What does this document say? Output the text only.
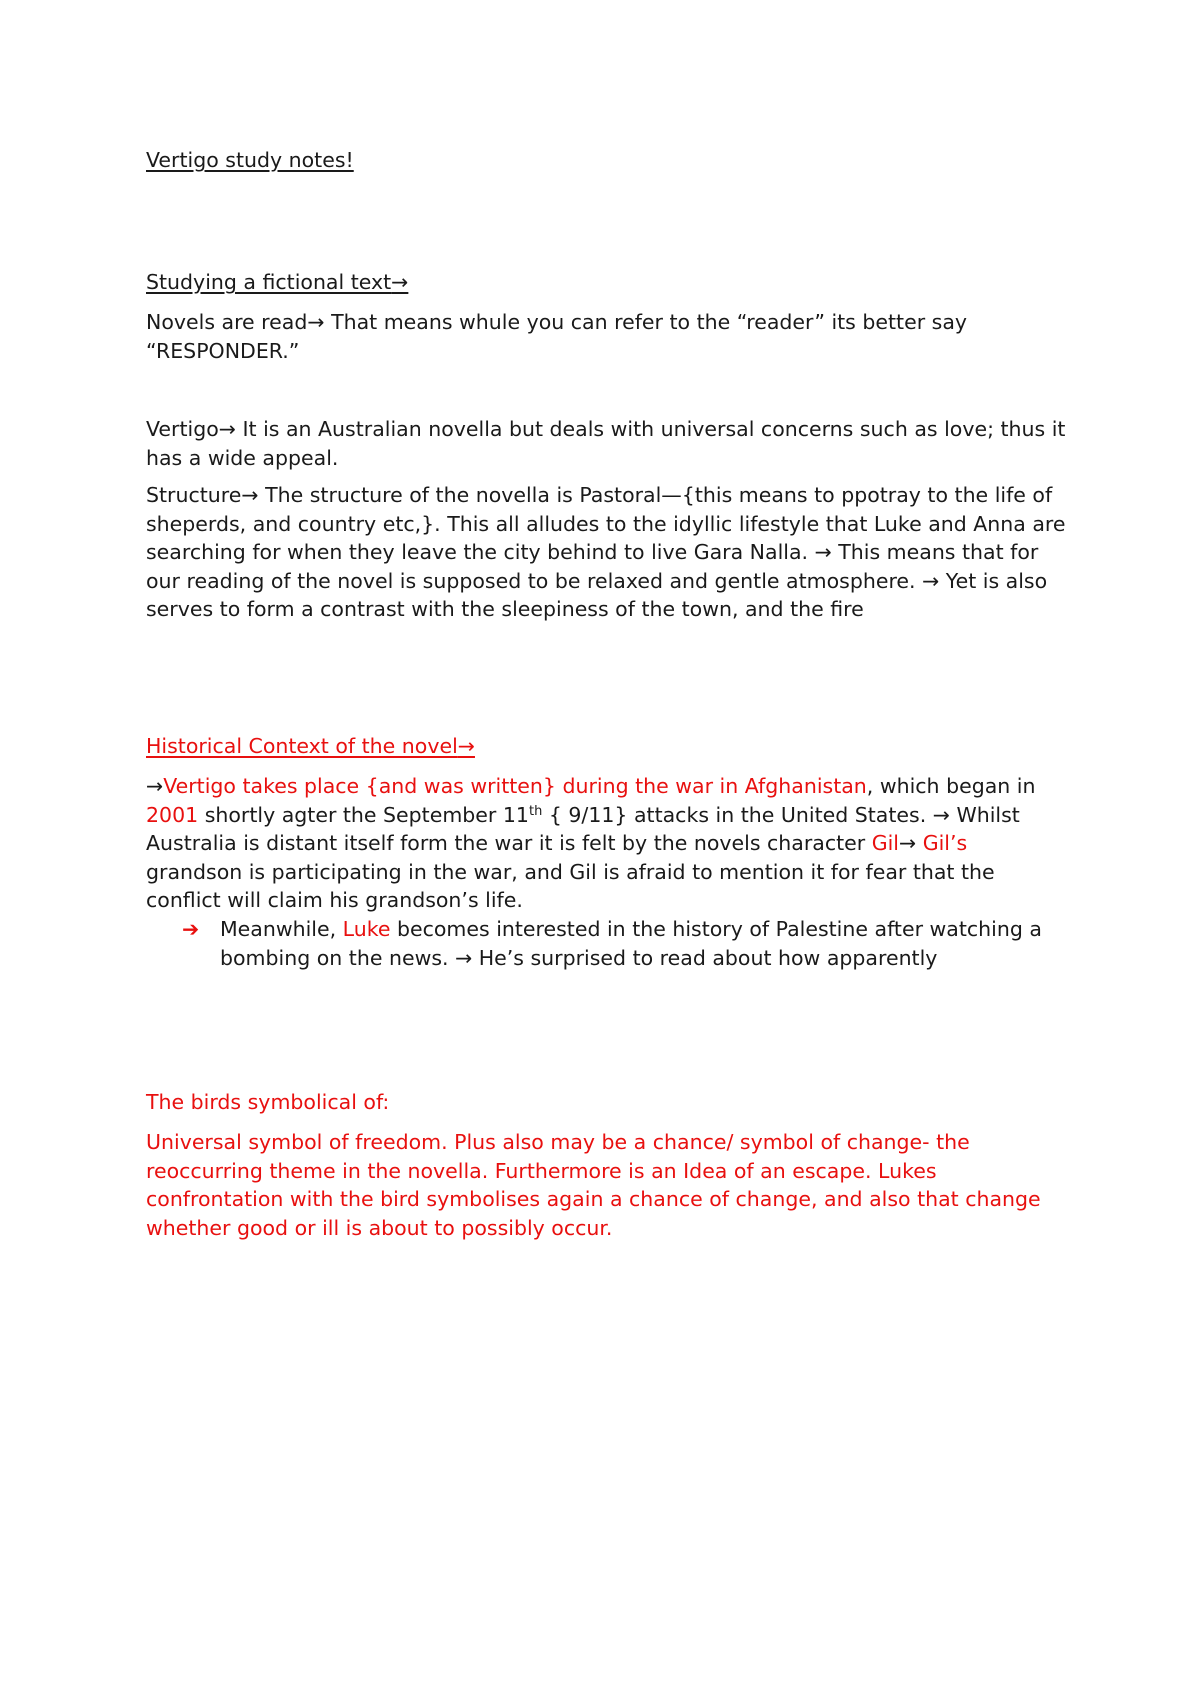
Vertigo study notes!

Studying a fictional text→

Novels are read→ That means whule you can refer to the “reader” its better say “RESPONDER.”

Vertigo→ It is an Australian novella but deals with universal concerns such as love; thus it has a wide appeal.

Structure→ The structure of the novella is Pastoral—{this means to ppotray to the life of sheperds, and country etc,}. This all alludes to the idyllic lifestyle that Luke and Anna are searching for when they leave the city behind to live Gara Nalla. → This means that for our reading of the novel is supposed to be relaxed and gentle atmosphere. → Yet is also serves to form a contrast with the sleepiness of the town, and the fire

Historical Context of the novel→

→Vertigo takes place {and was written} during the war in Afghanistan, which began in 2001 shortly agter the September 11th { 9/11} attacks in the United States. → Whilst Australia is distant itself form the war it is felt by the novels character Gil→ Gil’s grandson is participating in the war, and Gil is afraid to mention it for fear that the conflict will claim his grandson’s life.

➔ Meanwhile, Luke becomes interested in the history of Palestine after watching a bombing on the news. → He’s surprised to read about how apparently

The birds symbolical of:

Universal symbol of freedom. Plus also may be a chance/ symbol of change- the reoccurring theme in the novella. Furthermore is an Idea of an escape. Lukes confrontation with the bird symbolises again a chance of change, and also that change whether good or ill is about to possibly occur.
